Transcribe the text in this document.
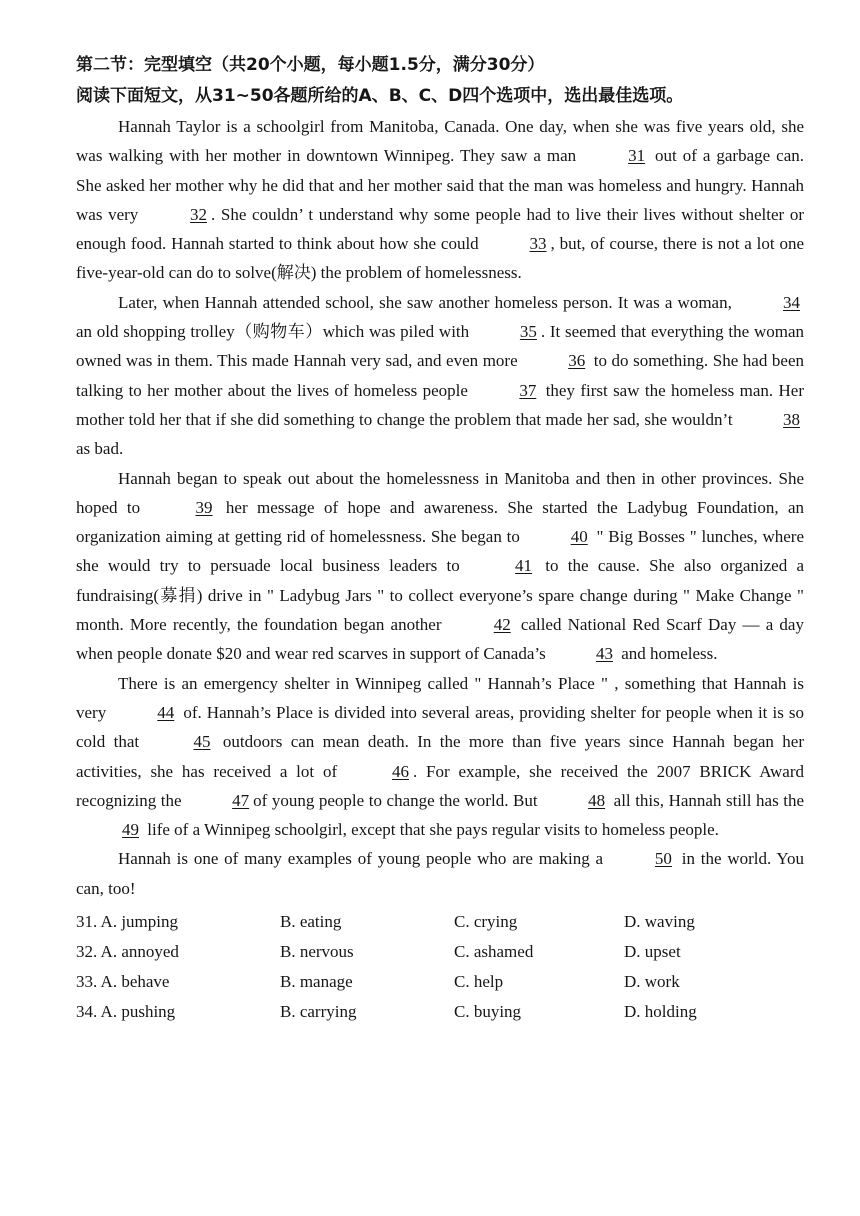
第二节：完型填空（共20个小题，每小题1.5分，满分30分）
阅读下面短文，从31~50各题所给的A、B、C、D四个选项中，选出最佳选项。

Hannah Taylor is a schoolgirl from Manitoba, Canada. One day, when she was five years old, she was walking with her mother in downtown Winnipeg. They saw a man	31 out of a garbage can. She asked her mother why he did that and her mother said that the man was homeless and hungry. Hannah was very	32 . She couldn’ t understand why some people had to live their lives without shelter or enough food. Hannah started to think about how she could	33 , but, of course, there is not a lot one five-year-old can do to solve(解决) the problem of homelessness.

Later, when Hannah attended school, she saw another homeless person. It was a woman,	34 an old shopping trolley（购物车）which was piled with	35 . It seemed that everything the woman owned was in them. This made Hannah very sad, and even more	36 to do something. She had been talking to her mother about the lives of homeless people	37 they first saw the homeless man. Her mother told her that if she did something to change the problem that made her sad, she wouldn’t	38 as bad.

Hannah began to speak out about the homelessness in Manitoba and then in other provinces. She hoped to	39 her message of hope and awareness. She started the Ladybug Foundation, an organization aiming at getting rid of homelessness. She began to	40 " Big Bosses " lunches, where she would try to persuade local business leaders to	41 to the cause. She also organized a fundraising(募捐) drive in " Ladybug Jars " to collect everyone’s spare change during " Make Change " month. More recently, the foundation began another	42 called National Red Scarf Day — a day when people donate $20 and wear red scarves in support of Canada’s	43 and homeless.

There is an emergency shelter in Winnipeg called " Hannah’s Place " , something that Hannah is very	44 of. Hannah’s Place is divided into several areas, providing shelter for people when it is so cold that	45 outdoors can mean death. In the more than five years since Hannah began her activities, she has received a lot of	46 . For example, she received the 2007 BRICK Award recognizing the	47 of young people to change the world. But	48 all this, Hannah still has the 49 life of a Winnipeg schoolgirl, except that she pays regular visits to homeless people.

Hannah is one of many examples of young people who are making a	50 in the world. You can, too!

31. A. jumping	B. eating	C. crying	D. waving
32. A. annoyed	B. nervous	C. ashamed	D. upset
33. A. behave	B. manage	C. help	D. work
34. A. pushing	B. carrying	C. buying	D. holding
